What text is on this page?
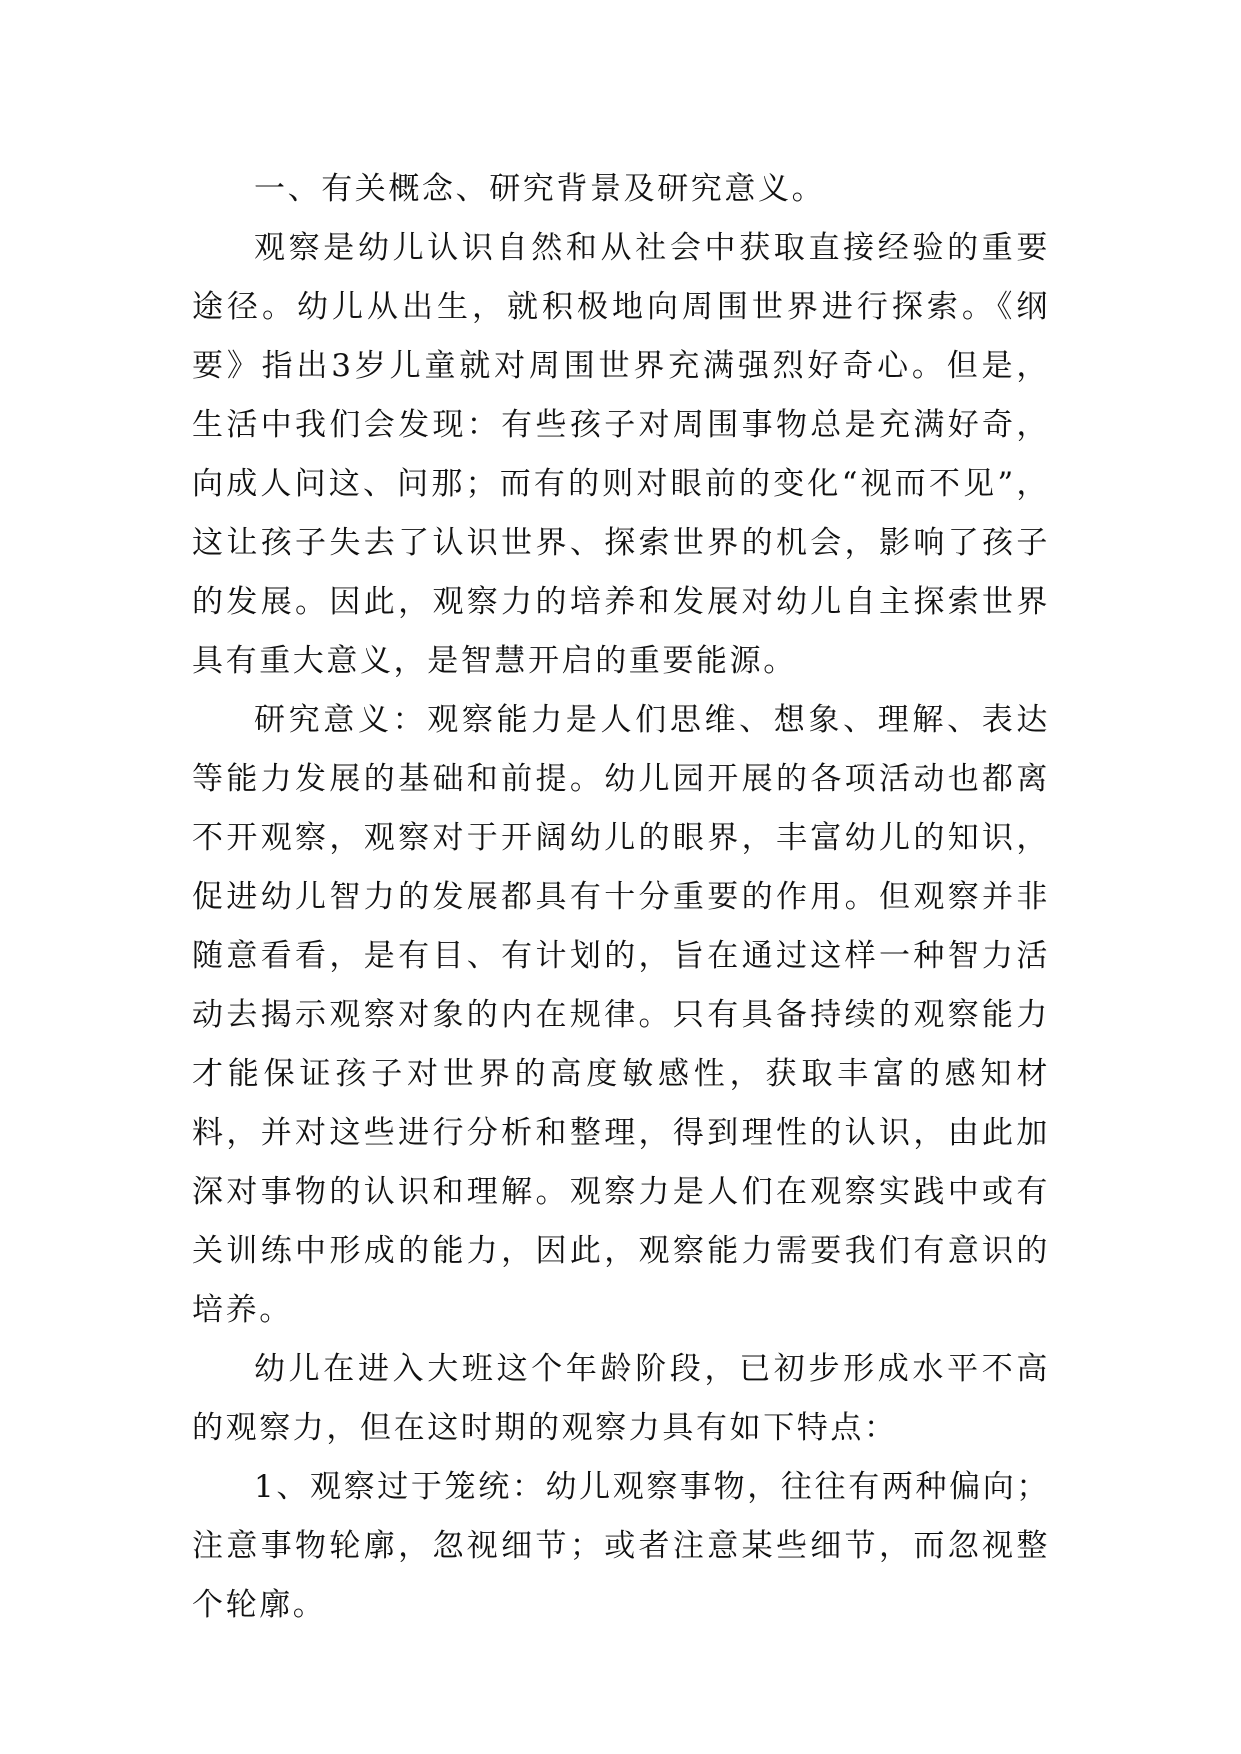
一、有关概念、研究背景及研究意义。

观察是幼儿认识自然和从社会中获取直接经验的重要途径。幼儿从出生，就积极地向周围世界进行探索。《纲要》指出3岁儿童就对周围世界充满强烈好奇心。但是，生活中我们会发现：有些孩子对周围事物总是充满好奇，向成人问这、问那；而有的则对眼前的变化“视而不见”，这让孩子失去了认识世界、探索世界的机会，影响了孩子的发展。因此，观察力的培养和发展对幼儿自主探索世界具有重大意义，是智慧开启的重要能源。

研究意义：观察能力是人们思维、想象、理解、表达等能力发展的基础和前提。幼儿园开展的各项活动也都离不开观察，观察对于开阔幼儿的眼界，丰富幼儿的知识，促进幼儿智力的发展都具有十分重要的作用。但观察并非随意看看，是有目、有计划的，旨在通过这样一种智力活动去揭示观察对象的内在规律。只有具备持续的观察能力才能保证孩子对世界的高度敏感性，获取丰富的感知材料，并对这些进行分析和整理，得到理性的认识，由此加深对事物的认识和理解。观察力是人们在观察实践中或有关训练中形成的能力，因此，观察能力需要我们有意识的培养。

幼儿在进入大班这个年龄阶段，已初步形成水平不高的观察力，但在这时期的观察力具有如下特点：

1、观察过于笼统：幼儿观察事物，往往有两种偏向；注意事物轮廓，忽视细节；或者注意某些细节，而忽视整个轮廓。
